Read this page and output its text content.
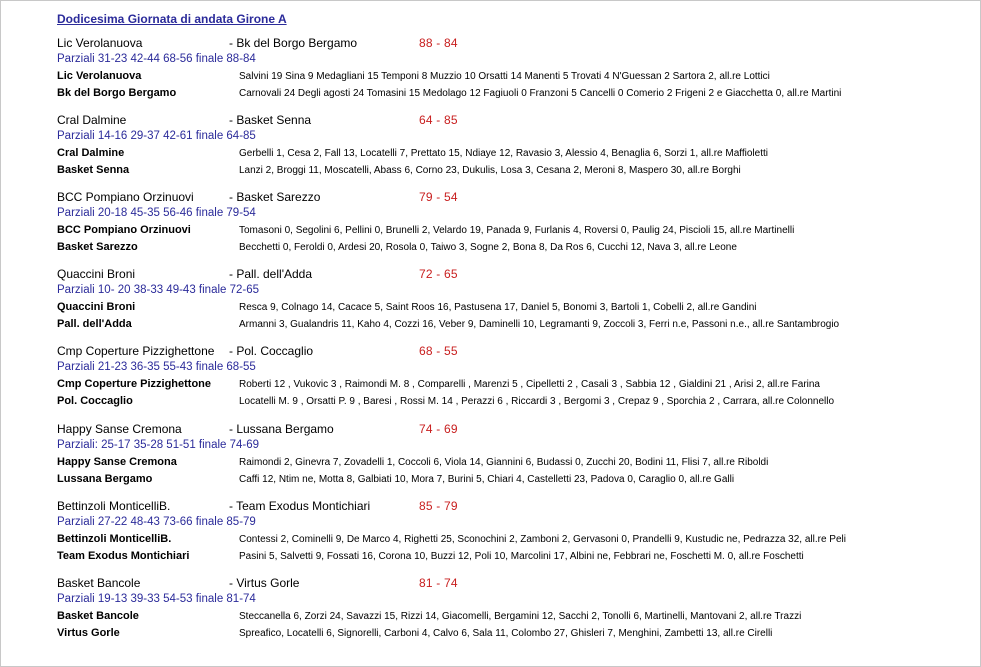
Dodicesima Giornata di andata Girone A
Lic Verolanuova	- Bk del Borgo Bergamo	88 - 84
Parziali 31-23 42-44 68-56 finale 88-84
Lic Verolanuova	Salvini 19 Sina 9 Medagliani 15 Temponi 8 Muzzio 10 Orsatti 14 Manenti 5 Trovati 4 N'Guessan 2 Sartora 2, all.re Lottici
Bk del Borgo Bergamo	Carnovali 24 Degli agosti 24 Tomasini 15 Medolago 12 Fagiuoli 0 Franzoni 5 Cancelli 0 Comerio 2 Frigeni 2 e Giacchetta 0, all.re Martini
Cral Dalmine	- Basket Senna	64 - 85
Parziali 14-16 29-37 42-61 finale 64-85
Cral Dalmine	Gerbelli 1, Cesa 2, Fall 13, Locatelli 7, Prettato 15, Ndiaye 12, Ravasio 3, Alessio 4, Benaglia 6, Sorzi 1, all.re Maffioletti
Basket Senna	Lanzi 2, Broggi 11, Moscatelli, Abass 6, Corno 23, Dukulis, Losa 3, Cesana 2, Meroni 8, Maspero 30, all.re Borghi
BCC Pompiano Orzinuovi	- Basket Sarezzo	79 - 54
Parziali 20-18 45-35 56-46 finale 79-54
BCC Pompiano Orzinuovi	Tomasoni 0, Segolini 6, Pellini 0, Brunelli 2, Velardo 19, Panada 9, Furlanis 4, Roversi 0, Paulig 24, Piscioli 15, all.re Martinelli
Basket Sarezzo	Becchetti 0, Feroldi 0, Ardesi 20, Rosola 0, Taiwo 3, Sogne 2, Bona 8, Da Ros 6, Cucchi 12, Nava 3, all.re Leone
Quaccini Broni	- Pall. dell'Adda	72 - 65
Parziali 10- 20 38-33 49-43 finale 72-65
Quaccini Broni	Resca 9, Colnago 14, Cacace 5, Saint Roos 16, Pastusena 17, Daniel 5, Bonomi 3, Bartoli 1, Cobelli 2, all.re Gandini
Pall. dell'Adda	Armanni 3, Gualandris 11, Kaho 4, Cozzi 16, Veber 9, Daminelli 10, Legramanti 9, Zoccoli 3, Ferri n.e, Passoni n.e., all.re Santambrogio
Cmp Coperture Pizzighettone - Pol. Coccaglio	68 - 55
Parziali 21-23 36-35 55-43 finale 68-55
Cmp Coperture Pizzighettone	Roberti 12 , Vukovic 3 , Raimondi M. 8 , Comparelli , Marenzi 5 , Cipelletti 2 , Casali 3 , Sabbia 12 , Gialdini 21 , Arisi 2, all.re Farina
Pol. Coccaglio	Locatelli M. 9 , Orsatti P. 9 , Baresi , Rossi M. 14 , Perazzi 6 , Riccardi 3 , Bergomi 3 , Crepaz 9 , Sporchia 2 , Carrara, all.re Colonnello
Happy Sanse Cremona	- Lussana Bergamo	74 - 69
Parziali: 25-17 35-28 51-51 finale 74-69
Happy Sanse Cremona	Raimondi 2, Ginevra 7, Zovadelli 1, Coccoli 6, Viola 14, Giannini 6, Budassi 0, Zucchi 20, Bodini 11, Flisi 7, all.re Riboldi
Lussana Bergamo	Caffi 12, Ntim ne, Motta 8, Galbiati 10, Mora 7, Burini 5, Chiari 4, Castelletti 23, Padova 0, Caraglio 0, all.re Galli
Bettinzoli MonticelliB.	- Team Exodus Montichiari	85 - 79
Parziali 27-22 48-43 73-66 finale 85-79
Bettinzoli MonticelliB.	Contessi 2, Cominelli 9, De Marco 4, Righetti 25, Sconochini 2, Zamboni 2, Gervasoni 0, Prandelli 9, Kustudic ne, Pedrazza 32, all.re Peli
Team Exodus Montichiari	Pasini 5, Salvetti 9, Fossati 16, Corona 10, Buzzi 12, Poli 10, Marcolini 17, Albini ne, Febbrari ne, Foschetti M. 0, all.re Foschetti
Basket Bancole	- Virtus Gorle	81 - 74
Parziali 19-13 39-33 54-53 finale 81-74
Basket Bancole	Steccanella 6, Zorzi 24, Savazzi 15, Rizzi 14, Giacomelli, Bergamini 12, Sacchi 2, Tonolli 6, Martinelli, Mantovani 2, all.re Trazzi
Virtus Gorle	Spreafico, Locatelli 6, Signorelli, Carboni 4, Calvo 6, Sala 11, Colombo 27, Ghisleri 7, Menghini, Zambetti 13, all.re Cirelli
